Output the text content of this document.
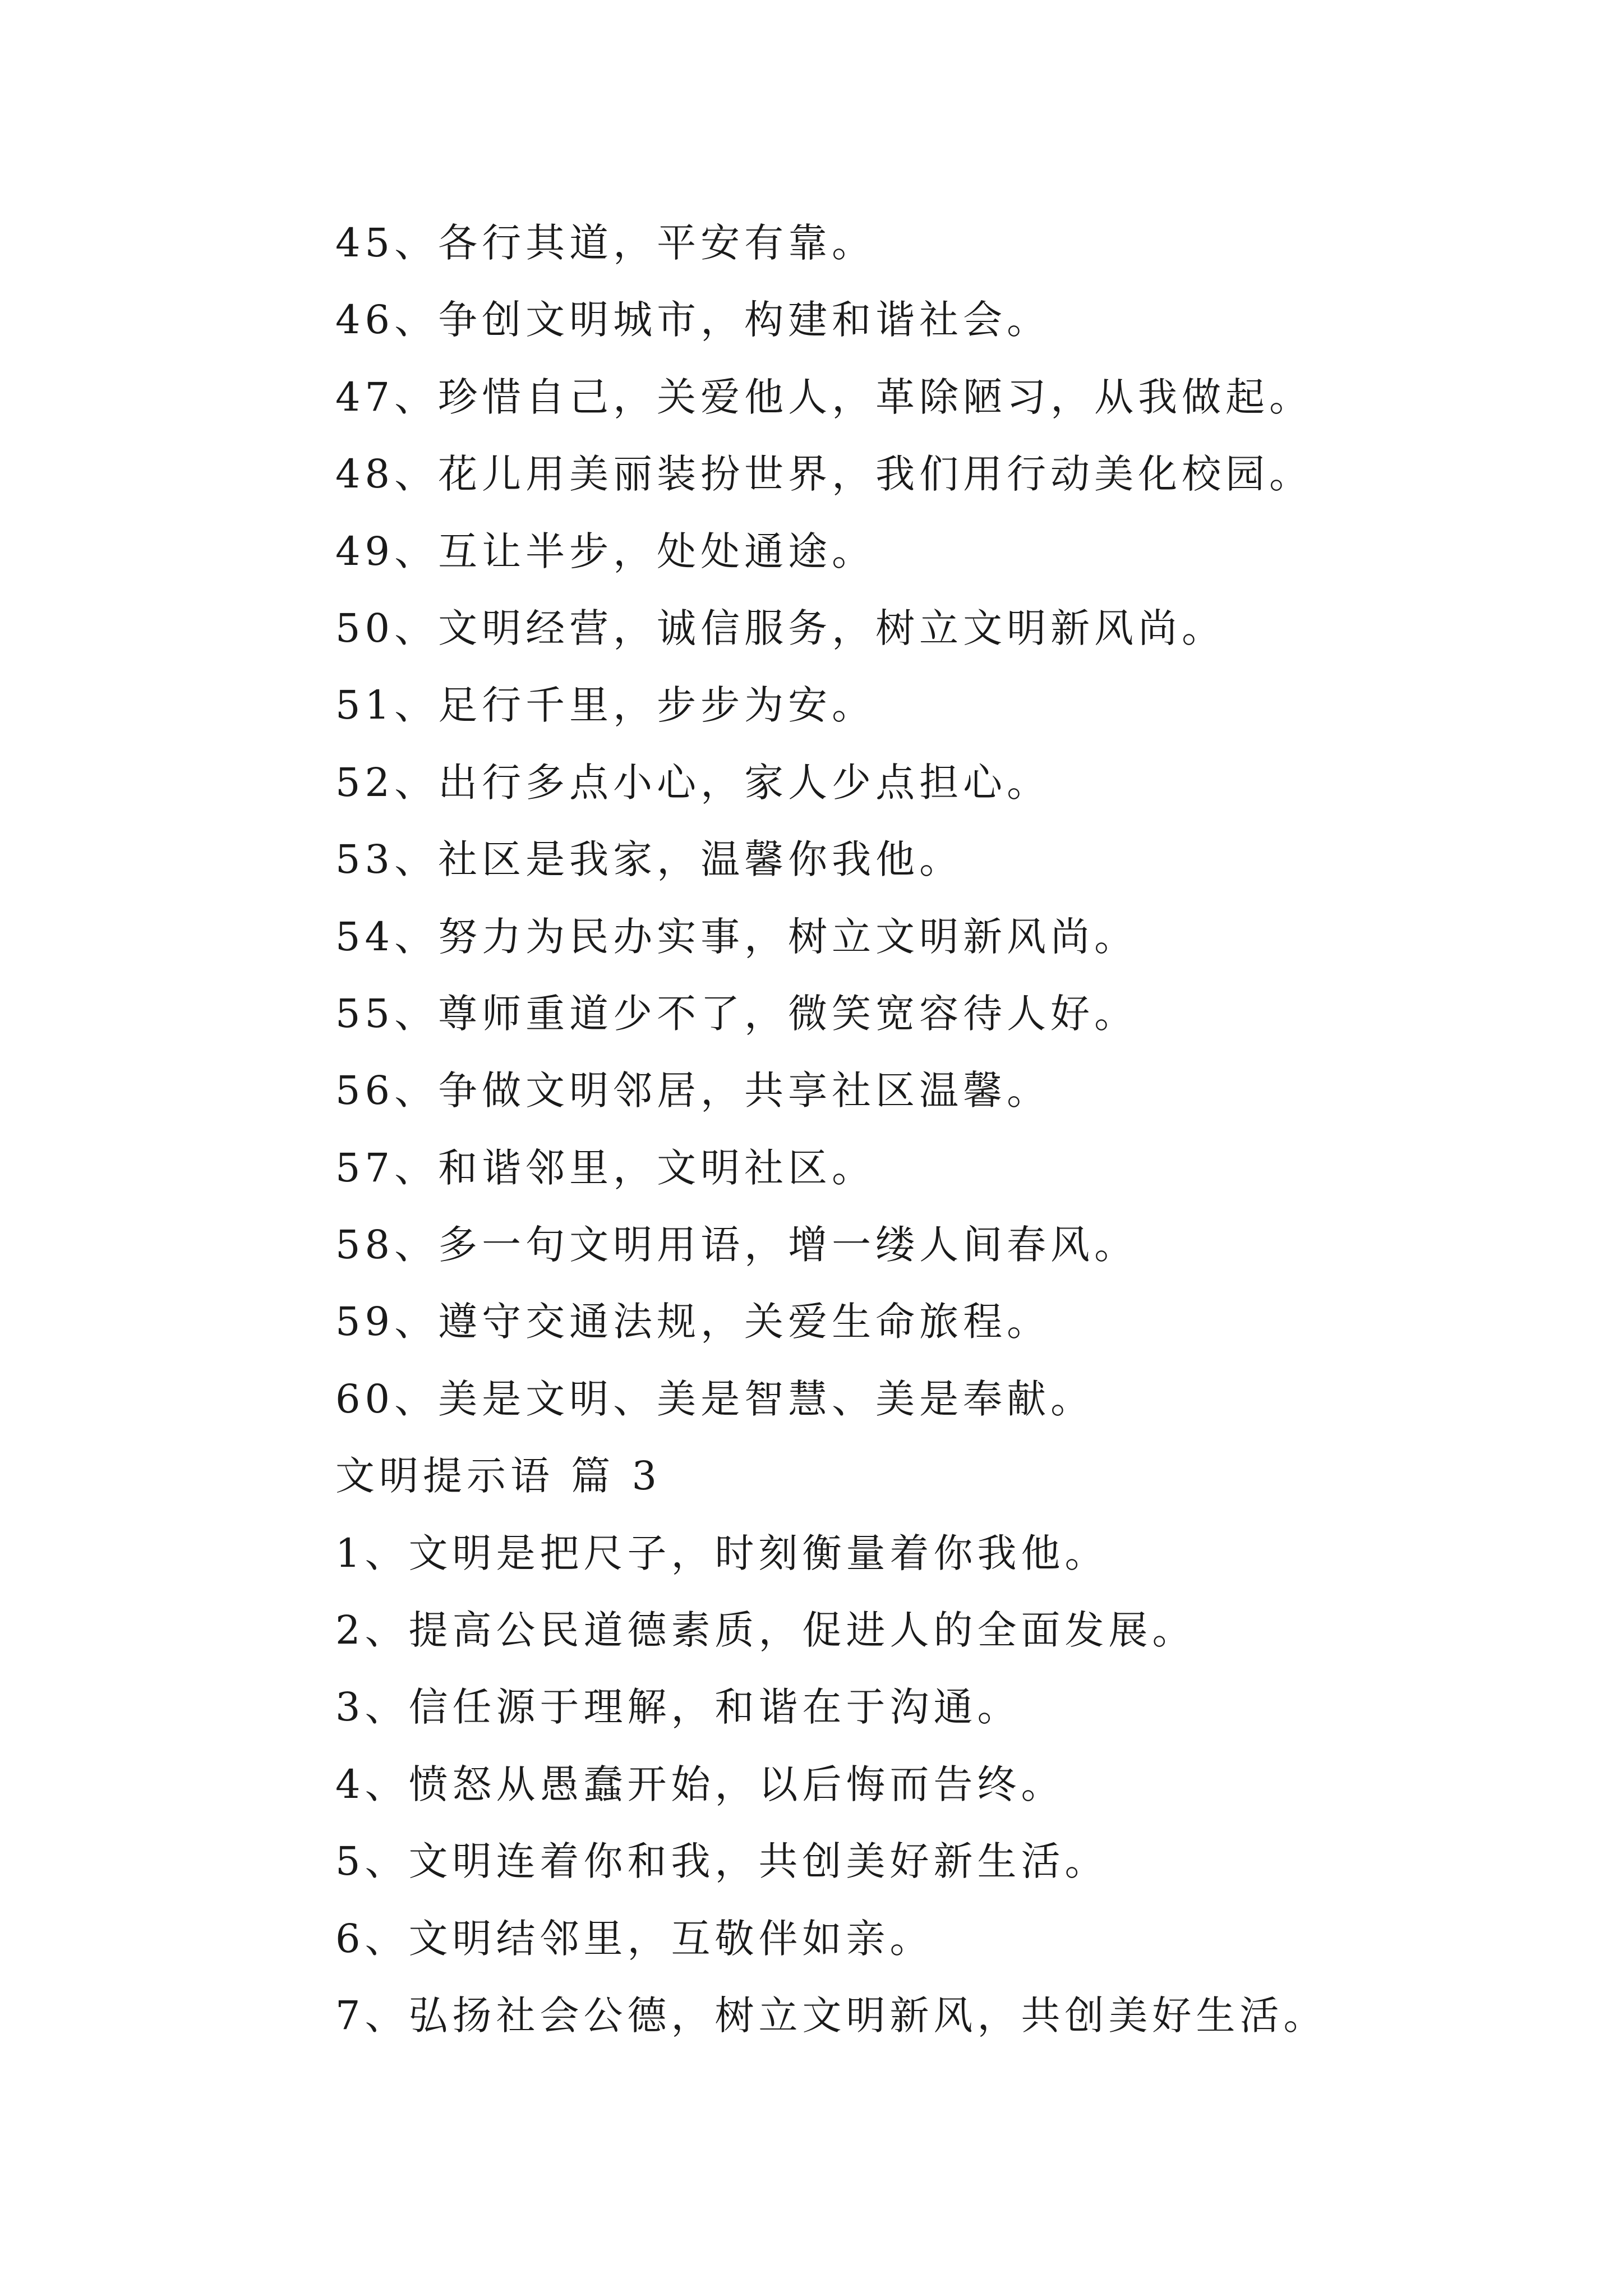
45、各行其道，平安有靠。
46、争创文明城市，构建和谐社会。
47、珍惜自己，关爱他人，革除陋习，从我做起。
48、花儿用美丽装扮世界，我们用行动美化校园。
49、互让半步，处处通途。
50、文明经营，诚信服务，树立文明新风尚。
51、足行千里，步步为安。
52、出行多点小心，家人少点担心。
53、社区是我家，温馨你我他。
54、努力为民办实事，树立文明新风尚。
55、尊师重道少不了，微笑宽容待人好。
56、争做文明邻居，共享社区温馨。
57、和谐邻里，文明社区。
58、多一句文明用语，增一缕人间春风。
59、遵守交通法规，关爱生命旅程。
60、美是文明、美是智慧、美是奉献。
文明提示语 篇 3
1、文明是把尺子，时刻衡量着你我他。
2、提高公民道德素质，促进人的全面发展。
3、信任源于理解，和谐在于沟通。
4、愤怒从愚蠢开始，以后悔而告终。
5、文明连着你和我，共创美好新生活。
6、文明结邻里，互敬伴如亲。
7、弘扬社会公德，树立文明新风，共创美好生活。
